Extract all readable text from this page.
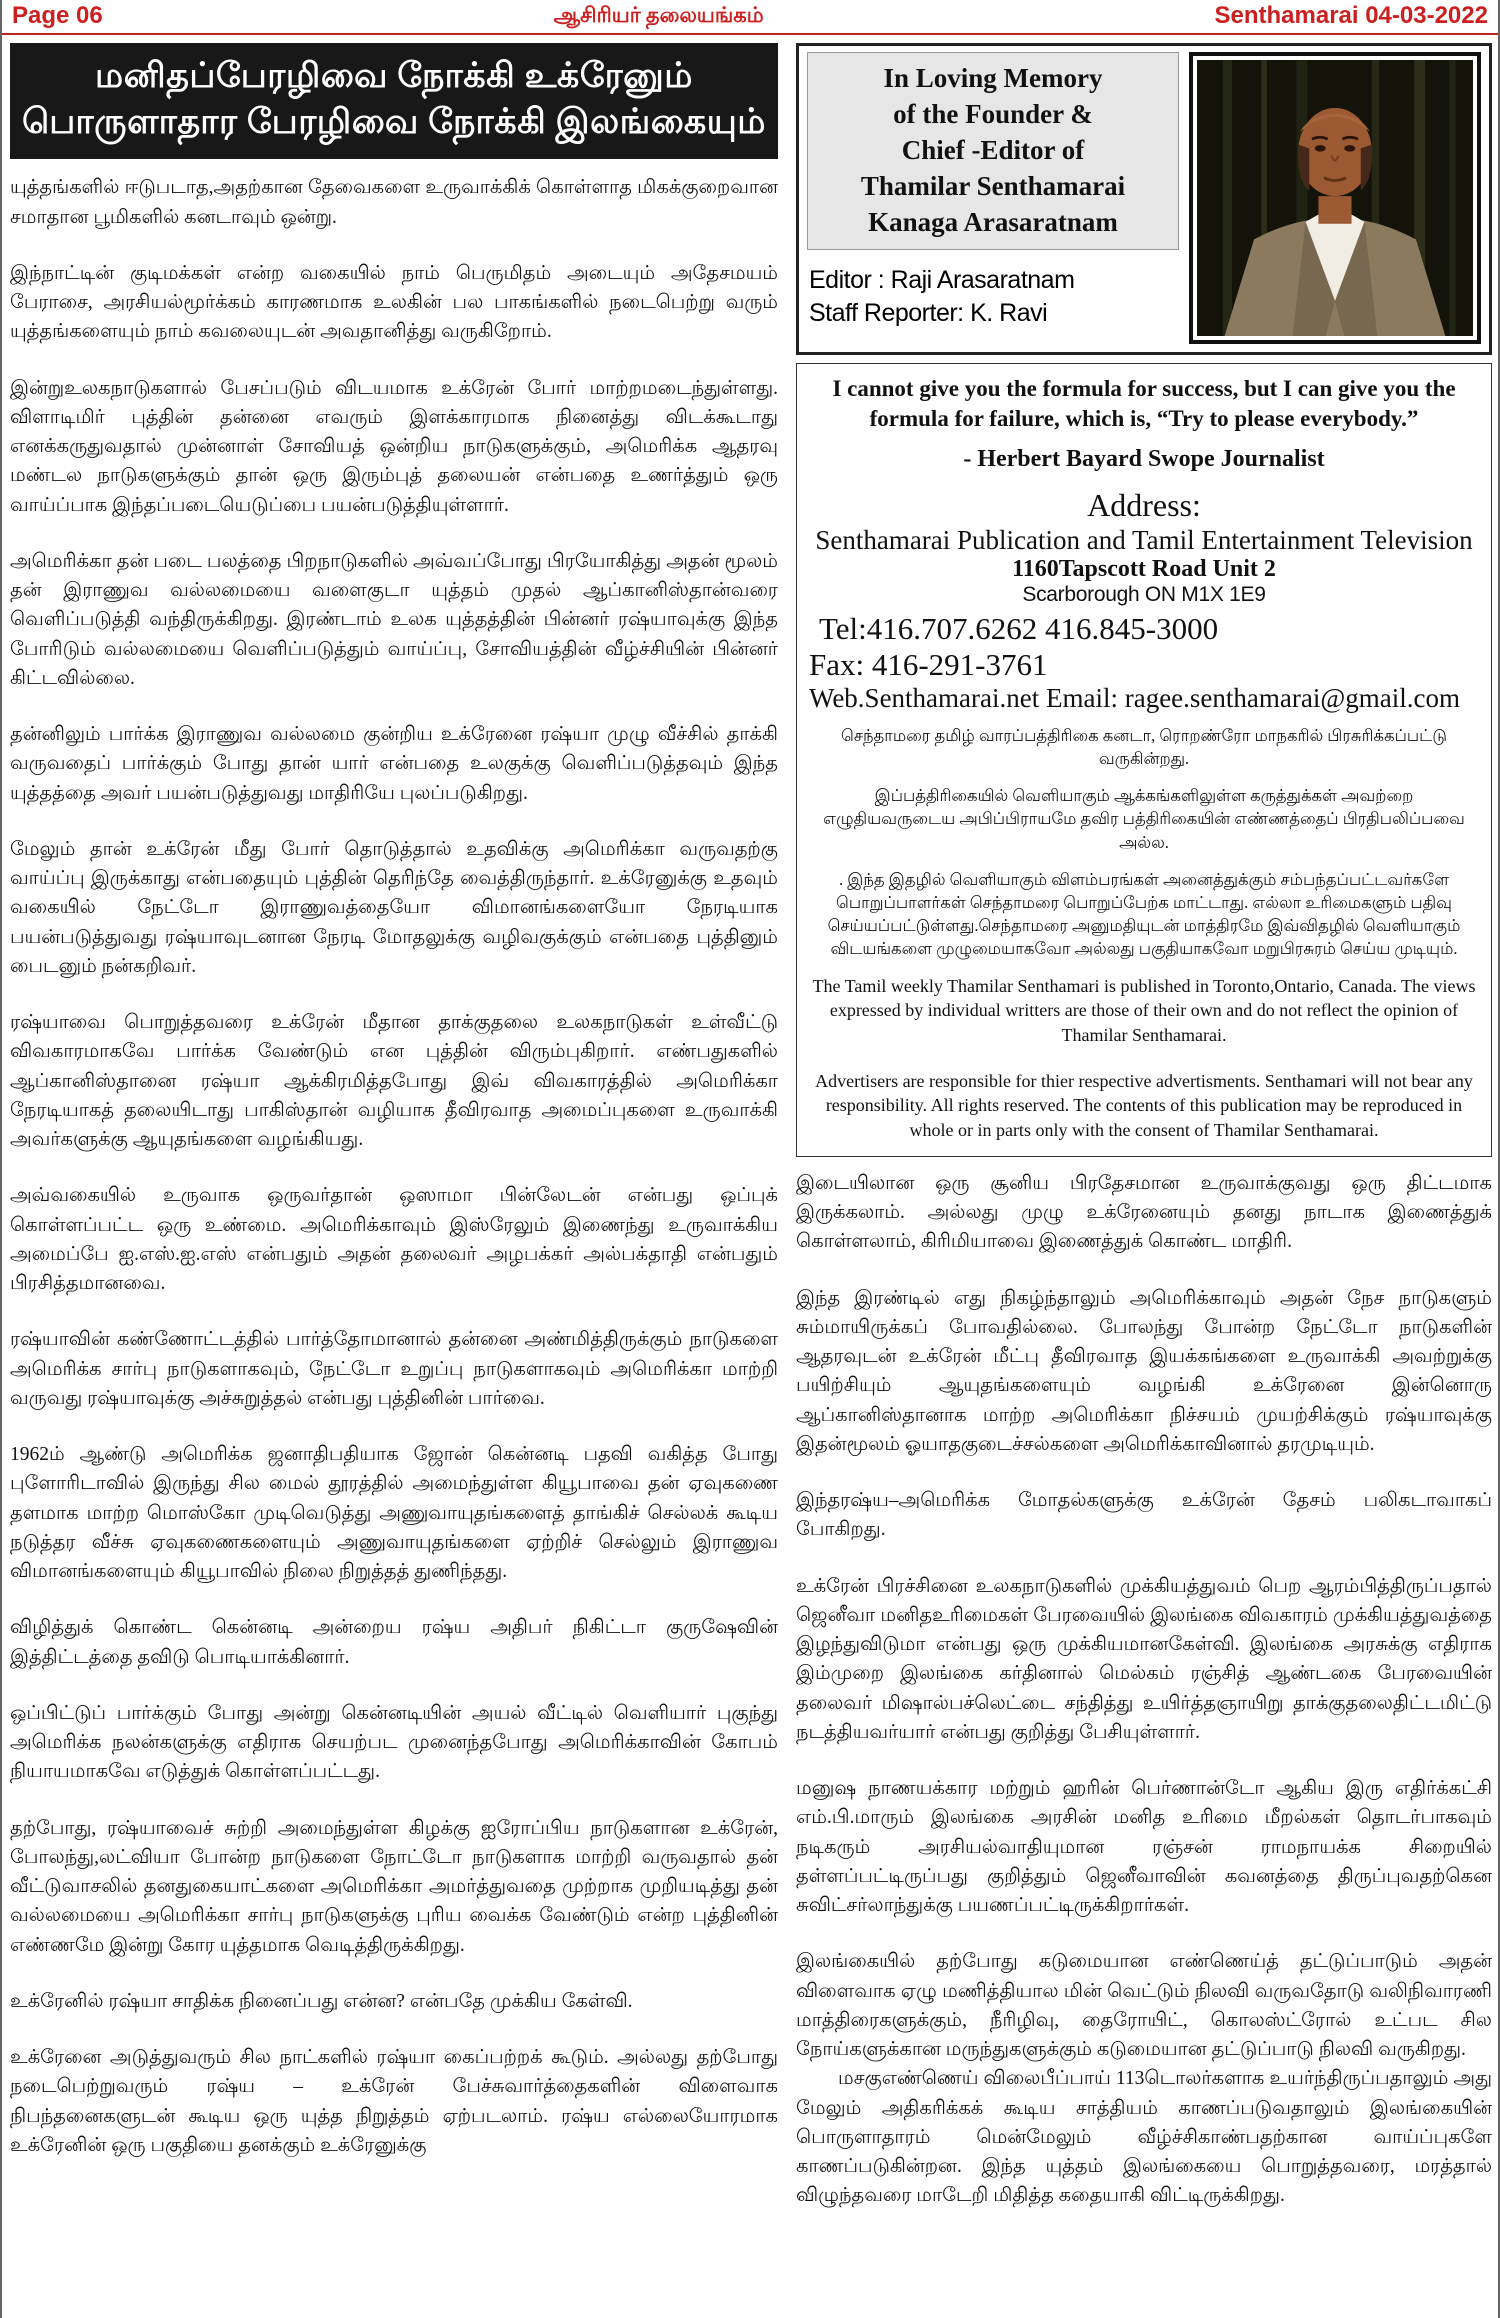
Page 06	ஆசிரியர் தலையங்கம்	Senthamarai 04-03-2022
மனிதப்பேரழிவை நோக்கி உக்ரேனும்
பொருளாதார பேரழிவை நோக்கி இலங்கையும்

யுத்தங்களில் ஈடுபடாத,அதற்கான தேவைகளை உருவாக்கிக் கொள்ளாத மிகக்குறைவான சமாதான பூமிகளில் கனடாவும் ஒன்று.

இந்நாட்டின் குடிமக்கள் என்ற வகையில் நாம் பெருமிதம் அடையும் அதேசமயம் பேராசை, அரசியல்மூர்க்கம் காரணமாக உலகின் பல பாகங்களில் நடைபெற்று வரும் யுத்தங்களையும் நாம் கவலையுடன் அவதானித்து வருகிறோம்.

இன்றுஉலகநாடுகளால் பேசப்படும் விடயமாக உக்ரேன் போர் மாற்றமடைந்துள்ளது. விளாடிமிர் புத்தின் தன்னை எவரும் இளக்காரமாக நினைத்து விடக்கூடாது எனக்கருதுவதால் முன்னாள் சோவியத் ஒன்றிய நாடுகளுக்கும், அமெரிக்க ஆதரவு மண்டல நாடுகளுக்கும் தான் ஒரு இரும்புத் தலையன் என்பதை உணர்த்தும் ஒரு வாய்ப்பாக இந்தப்படையெடுப்பை பயன்படுத்தியுள்ளார்.

அமெரிக்கா தன் படை பலத்தை பிறநாடுகளில் அவ்வப்போது பிரயோகித்து அதன் மூலம் தன் இராணுவ வல்லமையை வளைகுடா யுத்தம் முதல் ஆப்கானிஸ்தான்வரை வெளிப்படுத்தி வந்திருக்கிறது. இரண்டாம் உலக யுத்தத்தின் பின்னர் ரஷ்யாவுக்கு இந்த போரிடும் வல்லமையை வெளிப்படுத்தும் வாய்ப்பு, சோவியத்தின் வீழ்ச்சியின் பின்னர் கிட்டவில்லை.

தன்னிலும் பார்க்க இராணுவ வல்லமை குன்றிய உக்ரேனை ரஷ்யா முழு வீச்சில் தாக்கி வருவதைப் பார்க்கும் போது தான் யார் என்பதை உலகுக்கு வெளிப்படுத்தவும் இந்த யுத்தத்தை அவர் பயன்படுத்துவது மாதிரியே புலப்படுகிறது.

மேலும் தான் உக்ரேன் மீது போர் தொடுத்தால் உதவிக்கு அமெரிக்கா வருவதற்கு வாய்ப்பு இருக்காது என்பதையும் புத்தின் தெரிந்தே வைத்திருந்தார். உக்ரேனுக்கு உதவும் வகையில் நேட்டோ இராணுவத்தையோ விமானங்களையோ நேரடியாக பயன்படுத்துவது ரஷ்யாவுடனான நேரடி மோதலுக்கு வழிவகுக்கும் என்பதை புத்தினும் பைடனும் நன்கறிவர்.

ரஷ்யாவை பொறுத்தவரை உக்ரேன் மீதான தாக்குதலை உலகநாடுகள் உள்வீட்டு விவகாரமாகவே பார்க்க வேண்டும் என புத்தின் விரும்புகிறார். எண்பதுகளில் ஆப்கானிஸ்தானை ரஷ்யா ஆக்கிரமித்தபோது இவ் விவகாரத்தில் அமெரிக்கா நேரடியாகத் தலையிடாது பாகிஸ்தான் வழியாக தீவிரவாத அமைப்புகளை உருவாக்கி அவர்களுக்கு ஆயுதங்களை வழங்கியது.

அவ்வகையில் உருவாக ஒருவர்தான் ஒஸாமா பின்லேடன் என்பது ஒப்புக் கொள்ளப்பட்ட ஒரு உண்மை. அமெரிக்காவும் இஸ்ரேலும் இணைந்து உருவாக்கிய அமைப்பே ஐ.எஸ்.ஐ.எஸ் என்பதும் அதன் தலைவர் அழபக்கர் அல்பக்தாதி என்பதும் பிரசித்தமானவை.

ரஷ்யாவின் கண்ணோட்டத்தில் பார்த்தோமானால் தன்னை அண்மித்திருக்கும் நாடுகளை அமெரிக்க சார்பு நாடுகளாகவும், நேட்டோ உறுப்பு நாடுகளாகவும் அமெரிக்கா மாற்றி வருவது ரஷ்யாவுக்கு அச்சுறுத்தல் என்பது புத்தினின் பார்வை.

1962ம் ஆண்டு அமெரிக்க ஜனாதிபதியாக ஜோன் கென்னடி பதவி வகித்த போது புளோரிடாவில் இருந்து சில மைல் தூரத்தில் அமைந்துள்ள கியூபாவை தன் ஏவுகணை தளமாக மாற்ற மொஸ்கோ முடிவெடுத்து அணுவாயுதங்களைத் தாங்கிச் செல்லக் கூடிய நடுத்தர வீச்சு ஏவுகணைகளையும் அணுவாயுதங்களை ஏற்றிச் செல்லும் இராணுவ விமானங்களையும் கியூபாவில் நிலை நிறுத்தத் துணிந்தது.

விழித்துக் கொண்ட கென்னடி அன்றைய ரஷ்ய அதிபர் நிகிட்டா குருஷேவின் இத்திட்டத்தை தவிடு பொடியாக்கினார்.

ஒப்பிட்டுப் பார்க்கும் போது அன்று கென்னடியின் அயல் வீட்டில் வெளியார் புகுந்து அமெரிக்க நலன்களுக்கு எதிராக செயற்பட முனைந்தபோது அமெரிக்காவின் கோபம் நியாயமாகவே எடுத்துக் கொள்ளப்பட்டது.

தற்போது, ரஷ்யாவைச் சுற்றி அமைந்துள்ள கிழக்கு ஐரோப்பிய நாடுகளான உக்ரேன், போலந்து,லட்வியா போன்ற நாடுகளை நோட்டோ நாடுகளாக மாற்றி வருவதால் தன் வீட்டுவாசலில் தனதுகையாட்களை அமெரிக்கா அமர்த்துவதை முற்றாக முறியடித்து தன் வல்லமையை அமெரிக்கா சார்பு நாடுகளுக்கு புரிய வைக்க வேண்டும் என்ற புத்தினின் எண்ணமே இன்று கோர யுத்தமாக வெடித்திருக்கிறது.

உக்ரேனில் ரஷ்யா சாதிக்க நினைப்பது என்ன? என்பதே முக்கிய கேள்வி.

உக்ரேனை அடுத்துவரும் சில நாட்களில் ரஷ்யா கைப்பற்றக் கூடும். அல்லது தற்போது நடைபெற்றுவரும் ரஷ்ய – உக்ரேன் பேச்சுவார்த்தைகளின் விளைவாக நிபந்தனைகளுடன் கூடிய ஒரு யுத்த நிறுத்தம் ஏற்படலாம். ரஷ்ய எல்லையோரமாக உக்ரேனின் ஒரு பகுதியை தனக்கும் உக்ரேனுக்கு

In Loving Memory
of the Founder &
Chief -Editor of
Thamilar Senthamarai
Kanaga Arasaratnam
Editor : Raji Arasaratnam
Staff Reporter: K. Ravi

I cannot give you the formula for success, but I can give you the formula for failure, which is, “Try to please everybody.”

- Herbert Bayard Swope Journalist

Address:

Senthamarai Publication and Tamil Entertainment Television

1160Tapscott Road Unit 2

Scarborough ON M1X 1E9

Tel:416.707.6262 416.845-3000

Fax: 416-291-3761

Web.Senthamarai.net Email: ragee.senthamarai@gmail.com

செந்தாமரை தமிழ் வாரப்பத்திரிகை கனடா, ரொறண்ரோ மாநகரில் பிரசுரிக்கப்பட்டு வருகின்றது.

இப்பத்திரிகையில் வெளியாகும் ஆக்கங்களிலுள்ள கருத்துக்கள் அவற்றை எழுதியவருடைய அபிப்பிராயமே தவிர பத்திரிகையின் எண்ணத்தைப் பிரதிபலிப்பவை அல்ல.

. இந்த இதழில் வெளியாகும் விளம்பரங்கள் அனைத்துக்கும் சம்பந்தப்பட்டவர்களே பொறுப்பாளர்கள் செந்தாமரை பொறுப்பேற்க மாட்டாது. எல்லா உரிமைகளும் பதிவு செய்யப்பட்டுள்ளது.செந்தாமரை அனுமதியுடன் மாத்திரமே இவ்விதழில் வெளியாகும் விடயங்களை முழுமையாகவோ அல்லது பகுதியாகவோ மறுபிரசுரம் செய்ய முடியும்.

The Tamil weekly Thamilar Senthamari is published in Toronto,Ontario, Canada. The views expressed by individual writters are those of their own and do not reflect the opinion of Thamilar Senthamarai.

Advertisers are responsible for thier respective advertisments. Senthamari will not bear any responsibility. All rights reserved. The contents of this publication may be reproduced in whole or in parts only with the consent of Thamilar Senthamarai.

இடையிலான ஒரு சூனிய பிரதேசமான உருவாக்குவது ஒரு திட்டமாக இருக்கலாம். அல்லது முழு உக்ரேனையும் தனது நாடாக இணைத்துக் கொள்ளலாம், கிரிமியாவை இணைத்துக் கொண்ட மாதிரி.

இந்த இரண்டில் எது நிகழ்ந்தாலும் அமெரிக்காவும் அதன் நேச நாடுகளும் சும்மாயிருக்கப் போவதில்லை. போலந்து போன்ற நேட்டோ நாடுகளின் ஆதரவுடன் உக்ரேன் மீட்பு தீவிரவாத இயக்கங்களை உருவாக்கி அவற்றுக்கு பயிற்சியும் ஆயுதங்களையும் வழங்கி உக்ரேனை இன்னொரு ஆப்கானிஸ்தானாக மாற்ற அமெரிக்கா நிச்சயம் முயற்சிக்கும் ரஷ்யாவுக்கு இதன்மூலம் ஓயாதகுடைச்சல்களை அமெரிக்காவினால் தரமுடியும்.

இந்தரஷ்ய–அமெரிக்க மோதல்களுக்கு உக்ரேன் தேசம் பலிகடாவாகப் போகிறது.

உக்ரேன் பிரச்சினை உலகநாடுகளில் முக்கியத்துவம் பெற ஆரம்பித்திருப்பதால் ஜெனீவா மனிதஉரிமைகள் பேரவையில் இலங்கை விவகாரம் முக்கியத்துவத்தை இழந்துவிடுமா என்பது ஒரு முக்கியமானகேள்வி. இலங்கை அரசுக்கு எதிராக இம்முறை இலங்கை கர்தினால் மெல்கம் ரஞ்சித் ஆண்டகை பேரவையின் தலைவர் மிஷால்பச்லெட்டை சந்தித்து உயிர்த்தஞாயிறு தாக்குதலைதிட்டமிட்டு நடத்தியவர்யார் என்பது குறித்து பேசியுள்ளார்.

மனுஷ நாணயக்கார மற்றும் ஹரின் பெர்ணான்டோ ஆகிய இரு எதிர்க்கட்சி எம்.பி.மாரும் இலங்கை அரசின் மனித உரிமை மீறல்கள் தொடர்பாகவும் நடிகரும் அரசியல்வாதியுமான ரஞ்சன் ராமநாயக்க சிறையில் தள்ளப்பட்டிருப்பது குறித்தும் ஜெனீவாவின் கவனத்தை திருப்புவதற்கென சுவிட்சர்லாந்துக்கு பயணப்பட்டிருக்கிறார்கள்.

இலங்கையில் தற்போது கடுமையான எண்ணெய்த் தட்டுப்பாடும் அதன் விளைவாக ஏழு மணித்தியால மின் வெட்டும் நிலவி வருவதோடு வலிநிவாரணி மாத்திரைகளுக்கும், நீரிழிவு, தைரோயிட், கொலஸ்ட்ரோல் உட்பட சில நோய்களுக்கான மருந்துகளுக்கும் கடுமையான தட்டுப்பாடு நிலவி வருகிறது.

மசகுஎண்ணெய் விலைபீப்பாய் 113டொலர்களாக உயர்ந்திருப்பதாலும் அது மேலும் அதிகரிக்கக் கூடிய சாத்தியம் காணப்படுவதாலும் இலங்கையின் பொருளாதாரம் மென்மேலும் வீழ்ச்சிகாண்பதற்கான வாய்ப்புகளே காணப்படுகின்றன. இந்த யுத்தம் இலங்கையை பொறுத்தவரை, மரத்தால் விழுந்தவரை மாடேறி மிதித்த கதையாகி விட்டிருக்கிறது.
